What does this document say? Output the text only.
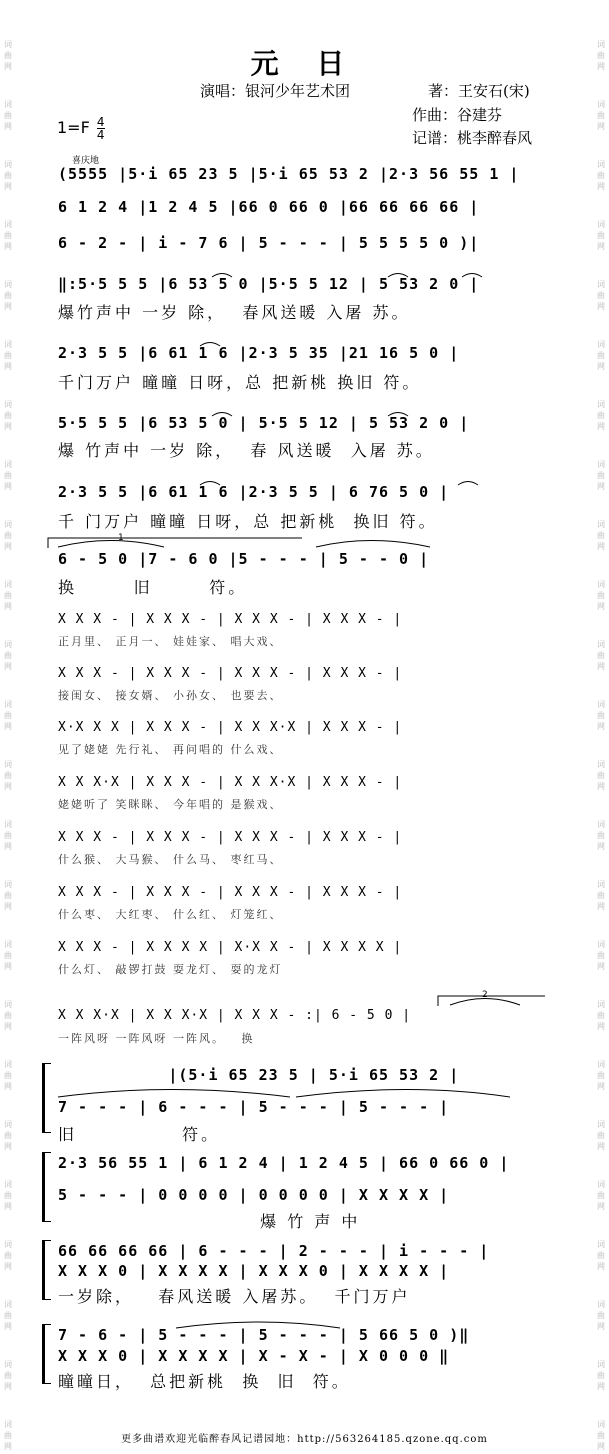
词
曲
网
词
曲
网
词
曲
网
词
曲
网
词
曲
网
词
曲
网
词
曲
网
词
曲
网
词
曲
网
词
曲
网
词
曲
网
词
曲
网
词
曲
网
词
曲
网
词
曲
网
词
曲
网
词
曲
网
词
曲
网
词
曲
网
词
曲
网
词
曲
网
词
曲
网
词
曲
网
词
曲
网
词
曲
网
词
曲
网
词
曲
网
词
曲
网
词
曲
网
词
曲
网
词
曲
网
词
曲
网
词
曲
网
词
曲
网
词
曲
网
词
曲
网
词
曲
网
词
曲
网
词
曲
网
词
曲
网
词
曲
网
词
曲
网
词
曲
网
词
曲
网
词
曲
网
词
曲
网
词
曲
网
词
曲
网
元 日
演唱：银河少年艺术团	著：王安石(宋)
作曲：谷建芬
记谱：桃李醉春风
$1=F \frac{4}{4}$
喜庆地
(5555 |5·i 65 23 5 |5·i 65 53 2 |2·3 56 55 1 |
6 1 2 4 |1 2 4 5 |66 0 66 0 |66 66 66 66 |
6 - 2 - | i - 7 6 | 5 - - - | 5 5 5 5 0 )|
‖:5·5 5 5 |6 53 5 0 |5·5 5 12 | 5 53 2 0 |
爆竹声中 一岁 除，  春风送暖 入屠 苏。
2·3 5 5 |6 61 1 6 |2·3 5 35 |21 16 5 0 |
千门万户 曈曈 日呀，总 把新桃 换旧 符。
5·5 5 5 |6 53 5 0 | 5·5 5 12 | 5 53 2 0 |
爆 竹声中 一岁 除，  春 风送暖  入屠 苏。
2·3 5 5 |6 61 1 6 |2·3 5 5 | 6 76 5 0 |
千 门万户 曈曈 日呀，总 把新桃  换旧 符。
1
6 - 5 0 |7 - 6 0 |5 - - - | 5 - - 0 |
换       旧       符。
X X X - | X X X - | X X X - | X X X - |
正月里、 正月一、 娃娃家、 唱大戏、
X X X - | X X X - | X X X - | X X X - |
接闺女、 接女婿、 小孙女、 也要去、
X·X X X | X X X - | X X X·X | X X X - |
见了姥姥 先行礼、 再问唱的 什么戏、
X X X·X | X X X - | X X X·X | X X X - |
姥姥听了 笑眯眯、 今年唱的 是猴戏、
X X X - | X X X - | X X X - | X X X - |
什么猴、 大马猴、 什么马、 枣红马、
X X X - | X X X - | X X X - | X X X - |
什么枣、 大红枣、 什么红、 灯笼红、
X X X - | X X X X | X·X X - | X X X X |
什么灯、 敲锣打鼓 耍龙灯、 耍的龙灯
2
X X X·X | X X X·X | X X X - :| 6 - 5 0 |
一阵风呀 一阵风呀 一阵风。   换
|(5·i 65 23 5 | 5·i 65 53 2 |
7 - - - | 6 - - - | 5 - - - | 5 - - - |
旧             符。
2·3 56 55 1 | 6 1 2 4 | 1 2 4 5 | 66 0 66 0 |
5 - - - | 0 0 0 0 | 0 0 0 0 | X X X X |
爆 竹 声 中
66 66 66 66 | 6 - - - | 2 - - - | i - - - |
X X X 0 | X X X X | X X X 0 | X X X X |
一岁除，   春风送暖 入屠苏。  千门万户
7 - 6 - | 5 - - - | 5 - - - | 5 66 5 0 )‖
X X X 0 | X X X X | X - X - | X 0 0 0 ‖
曈曈日，  总把新桃  换  旧  符。
更多曲谱欢迎光临醉春风记谱园地：http://563264185.qzone.qq.com
